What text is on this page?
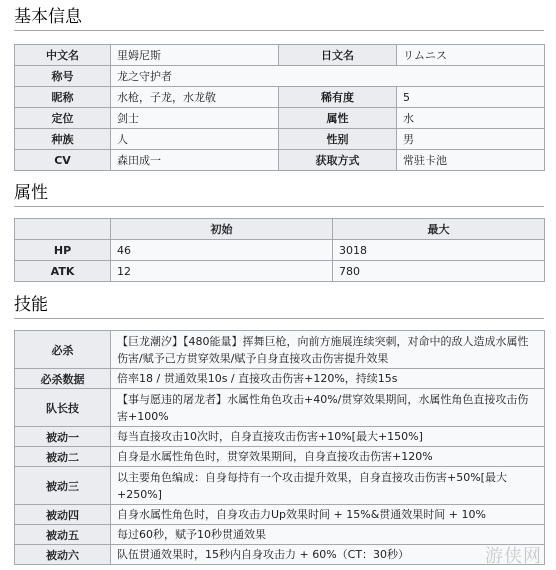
基本信息
中文名	里姆尼斯	日文名	リムニス
称号	龙之守护者		
昵称	水枪，子龙，水龙敬	稀有度	5
定位	剑士	属性	水
种族	人	性别	男
CV	森田成一	获取方式	常驻卡池
属性
	初始	最大
HP	46	3018
ATK	12	780
技能
必杀	【巨龙潮汐】【480能量】挥舞巨枪，向前方施展连续突刺，对命中的敌人造成水属性伤害/赋予己方贯穿效果/赋予自身直接攻击伤害提升效果
必杀数据	倍率18 / 贯通效果10s / 直接攻击伤害+120%，持续15s
队长技	【事与愿违的屠龙者】水属性角色攻击+40%/贯穿效果期间，水属性角色直接攻击伤害+100%
被动一	每当直接攻击10次时，自身直接攻击伤害+10%[最大+150%]
被动二	自身是水属性角色时，贯穿效果期间，自身直接攻击伤害+120%
被动三	以主要角色编成：自身每持有一个攻击提升效果，自身直接攻击伤害+50%[最大+250%]
被动四	自身水属性角色时，自身攻击力Up效果时间 + 15%&贯通效果时间 + 10%
被动五	每过60秒，赋予10秒贯通效果
被动六	队伍贯通效果时，15秒内自身攻击力 + 60%（CT：30秒）	游侠网
